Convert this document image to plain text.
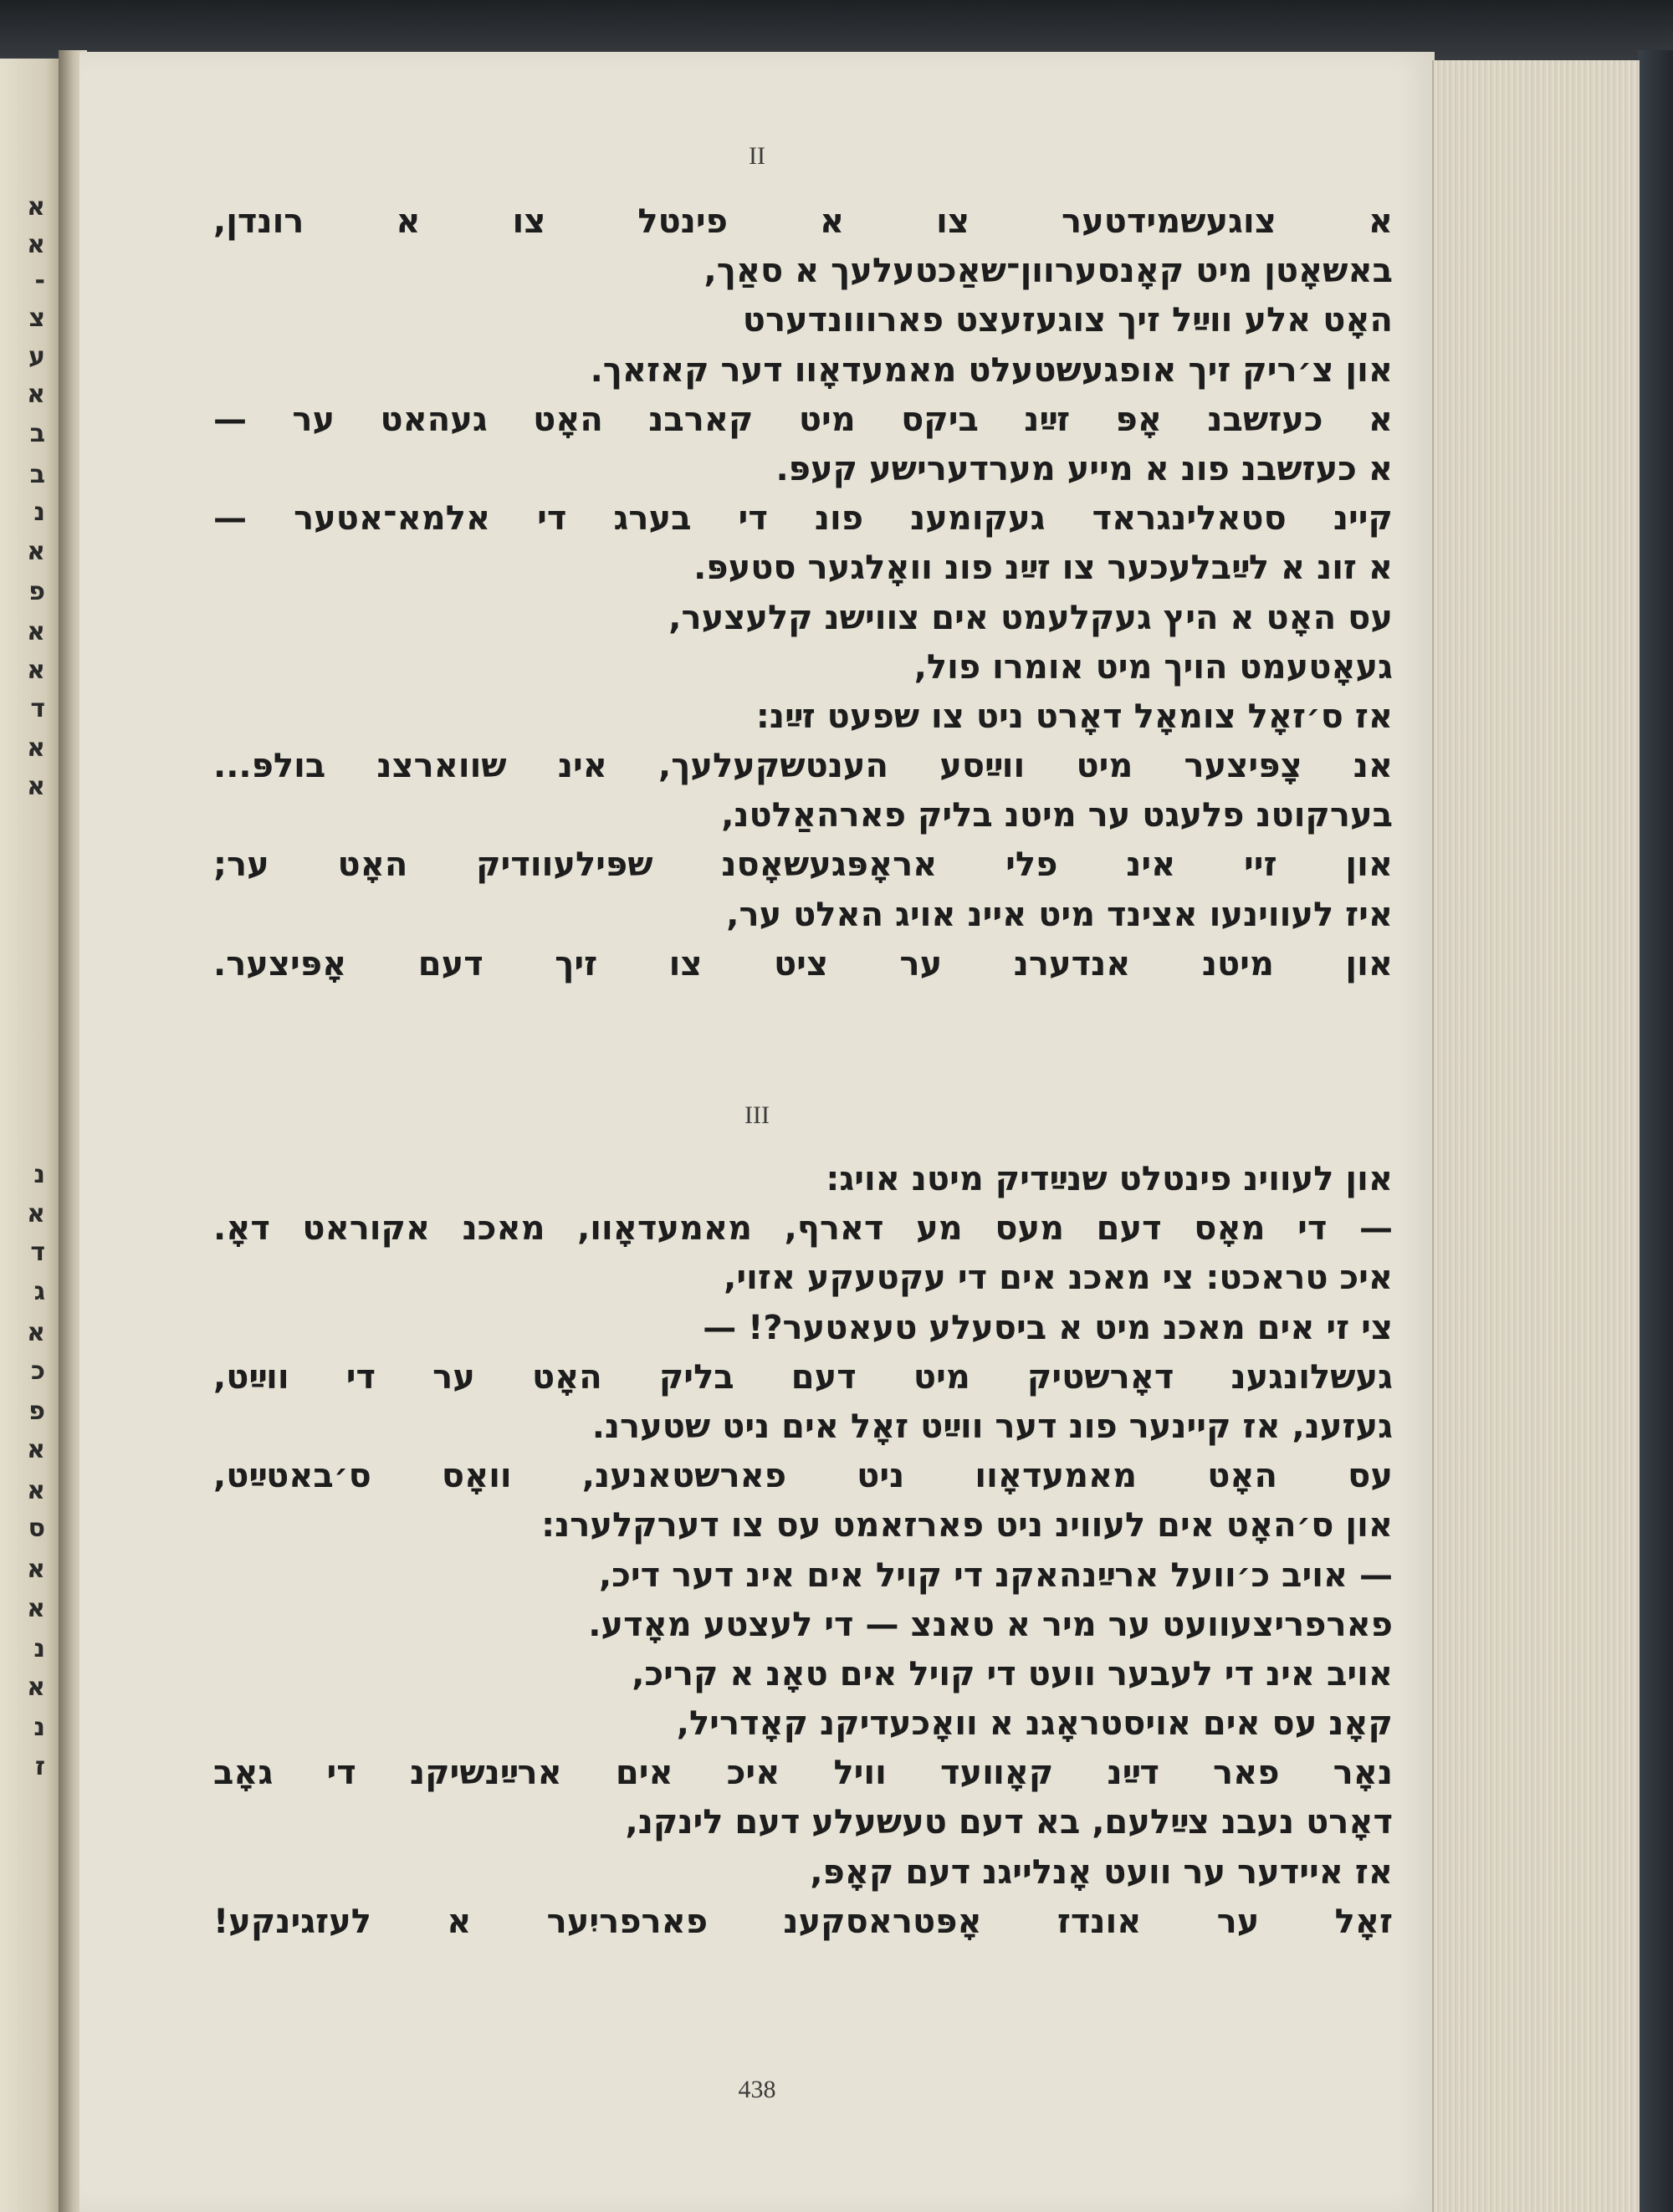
א
א
-
צ
ע
א
ב
ב
נ
א
פ
א
א
ד
א
א
נ
א
ד
ג
א
כ
פ
א
א
ס
א
א
נ
א
נ
ז
II
א צוגעשמידטער צו א פינטל צו א רונדן,
באשאָטן מיט קאָנסערוון־שאַכטעלעך א סאַך,
האָט אלע ווײַל זיך צוגעזעצט פארווונדערט
און צ׳ריק זיך אופגעשטעלט מאמעדאָוו דער קאזאך.
א כעזשבנ אָפּ זײַנ ביקס מיט קארבנ האָט געהאט ער —
א כעזשבנ פונ א מייע מערדערישע קעפּ.
קיינ סטאלינגראד געקומענ פונ די בערג די אלמא־אטער —
א זונ א לײַבלעכער צו זײַנ פונ וואָלגער סטעפּ.
עס האָט א היץ געקלעמט אים צווישנ קלעצער,
געאָטעמט הויך מיט אומרו פול,
אז ס׳זאָל צומאָל דאָרט ניט צו שפעט זײַנ:
אנ צָפּיצער מיט ווײַסע הענטשקעלעך, אינ שווארצנ בולפּ...
בערקוטנ פלעגט ער מיטנ בליק פארהאַלטנ,
און זיי אינ פלי אראָפּגעשאָסנ שפּילעוודיק האָט ער;
איז לעווינעו אצינד מיט איינ אויג האלט ער,
און מיטנ אנדערנ ער ציט צו זיך דעם אָפּיצער.
III
און לעווינ פינטלט שנײַדיק מיטנ אויג:
— די מאָס דעם מעס מע דארף, מאמעדאָוו, מאכנ אקוראט דאָ.
איכ טראכט: צי מאכנ אים די עקטעקע אזוי,
צי זי אים מאכנ מיט א ביסעלע טעאטער?! —
געשלונגענ דאָרשטיק מיט דעם בליק האָט ער די ווײַט,
געזענ, אז קיינער פונ דער ווײַט זאָל אים ניט שטערנ.
עס האָט מאמעדאָוו ניט פארשטאנענ, וואָס ס׳באטײַט,
און ס׳האָט אים לעווינ ניט פארזאמט עס צו דערקלערנ:
— אויב כ׳וועל ארײַנהאקנ די קויל אים אינ דער דיכ,
פארפריצעוועט ער מיר א טאנצ — די לעצטע מאָדע.
אויב אינ די לעבער וועט די קויל אים טאָנ א קריכ,
קאָנ עס אים אויסטראָגנ א וואָכעדיקנ קאָדריל,
נאָר פאר דײַנ קאָװעד וויל איכ אים ארײַנשיקנ די גאָב
דאָרט נעבנ צײַלעם, בא דעם טעשעלע דעם לינקנ,
אז איידער ער וועט אָנלייגנ דעם קאָפּ,
זאָל ער אונדז אָפּטראסקענ פארפריִער א לעזגינקע!
438
